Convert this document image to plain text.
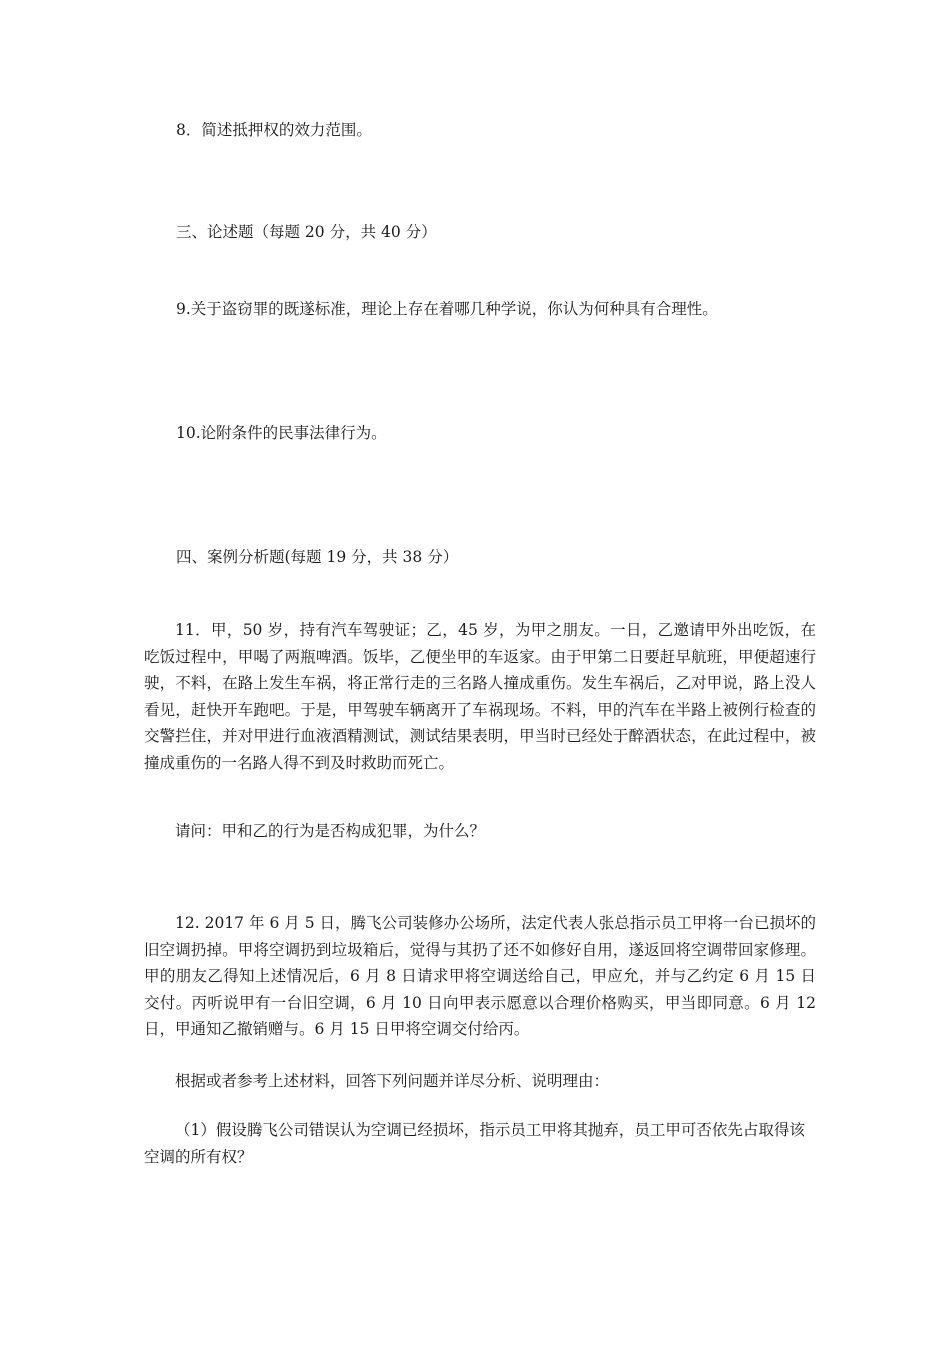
8．简述抵押权的效力范围。
三、论述题（每题 20 分，共 40 分）
9.关于盗窃罪的既遂标准，理论上存在着哪几种学说，你认为何种具有合理性。
10.论附条件的民事法律行为。
四、案例分析题(每题 19 分，共 38 分）

11．甲，50 岁，持有汽车驾驶证；乙，45 岁，为甲之朋友。一日，乙邀请甲外出吃饭，在吃饭过程中，甲喝了两瓶啤酒。饭毕，乙便坐甲的车返家。由于甲第二日要赶早航班，甲便超速行驶，不料，在路上发生车祸，将正常行走的三名路人撞成重伤。发生车祸后，乙对甲说，路上没人看见，赶快开车跑吧。于是，甲驾驶车辆离开了车祸现场。不料，甲的汽车在半路上被例行检查的交警拦住，并对甲进行血液酒精测试，测试结果表明，甲当时已经处于醉酒状态，在此过程中，被撞成重伤的一名路人得不到及时救助而死亡。

请问：甲和乙的行为是否构成犯罪，为什么？

12. 2017 年 6 月 5 日，腾飞公司装修办公场所，法定代表人张总指示员工甲将一台已损坏的旧空调扔掉。甲将空调扔到垃圾箱后，觉得与其扔了还不如修好自用，遂返回将空调带回家修理。甲的朋友乙得知上述情况后，6 月 8 日请求甲将空调送给自己，甲应允，并与乙约定 6 月 15 日交付。丙听说甲有一台旧空调，6 月 10 日向甲表示愿意以合理价格购买，甲当即同意。6 月 12 日，甲通知乙撤销赠与。6 月 15 日甲将空调交付给丙。

根据或者参考上述材料，回答下列问题并详尽分析、说明理由：

（1）假设腾飞公司错误认为空调已经损坏，指示员工甲将其抛弃，员工甲可否依先占取得该空调的所有权？
